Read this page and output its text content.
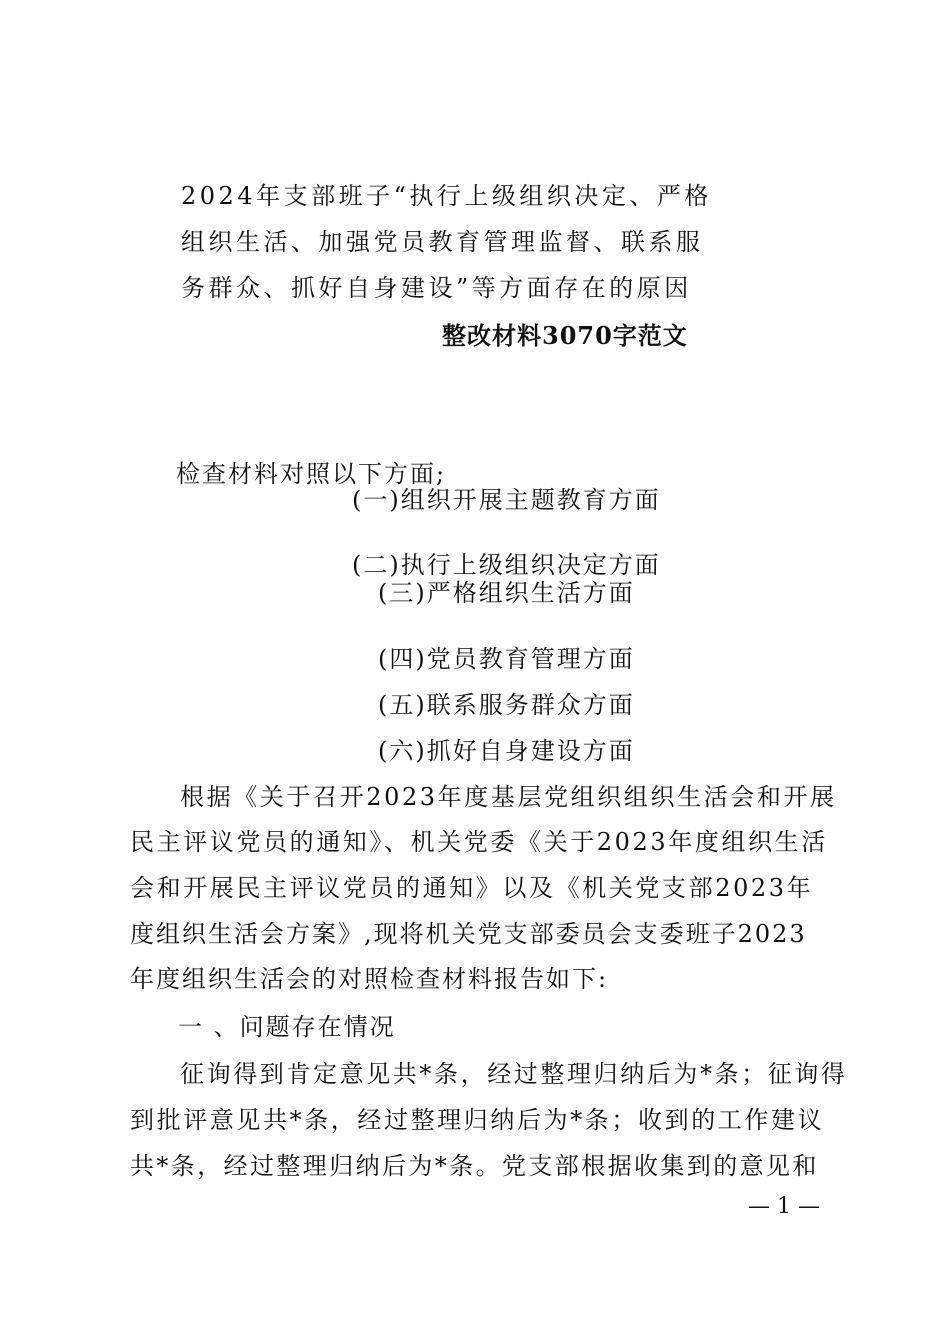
2024年支部班子“执行上级组织决定、严格
组织生活、加强党员教育管理监督、联系服
务群众、抓好自身建设”等方面存在的原因
整改材料3070字范文
检查材料对照以下方面;
(一)组织开展主题教育方面
(二)执行上级组织决定方面
(三)严格组织生活方面
(四)党员教育管理方面
(五)联系服务群众方面
(六)抓好自身建设方面
根据《关于召开2023年度基层党组织组织生活会和开展
民主评议党员的通知》、机关党委《关于2023年度组织生活
会和开展民主评议党员的通知》以及《机关党支部2023年
度组织生活会方案》,现将机关党支部委员会支委班子2023
年度组织生活会的对照检查材料报告如下:
一 、问题存在情况
征询得到肯定意见共*条，经过整理归纳后为*条；征询得
到批评意见共*条，经过整理归纳后为*条；收到的工作建议
共*条，经过整理归纳后为*条。党支部根据收集到的意见和
— 1 —
